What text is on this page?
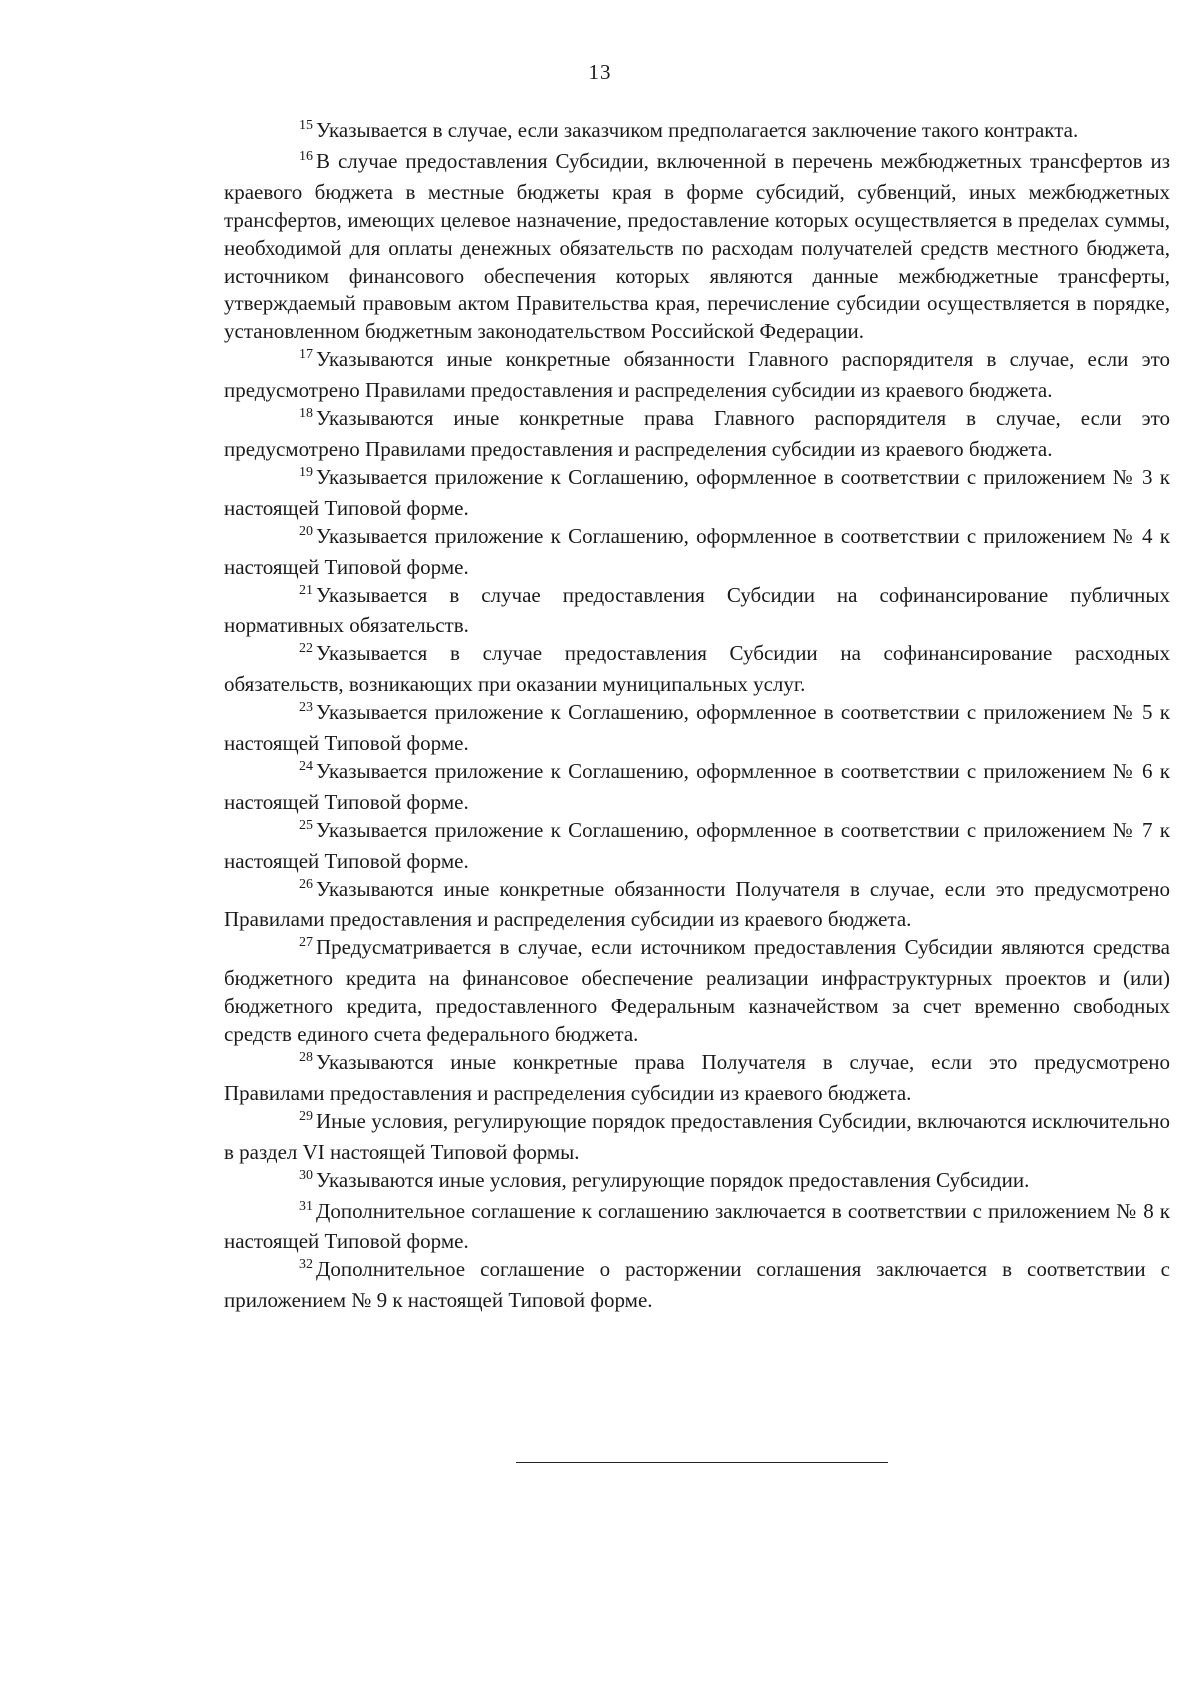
13

$^{15}$ Указывается в случае, если заказчиком предполагается заключение такого контракта.

$^{16}$ В случае предоставления Субсидии, включенной в перечень межбюджетных трансфертов из краевого бюджета в местные бюджеты края в форме субсидий, субвенций, иных межбюджетных трансфертов, имеющих целевое назначение, предоставление которых осуществляется в пределах суммы, необходимой для оплаты денежных обязательств по расходам получателей средств местного бюджета, источником финансового обеспечения которых являются данные межбюджетные трансферты, утверждаемый правовым актом Правительства края, перечисление субсидии осуществляется в порядке, установленном бюджетным законодательством Российской Федерации.

$^{17}$ Указываются иные конкретные обязанности Главного распорядителя в случае, если это предусмотрено Правилами предоставления и распределения субсидии из краевого бюджета.

$^{18}$ Указываются иные конкретные права Главного распорядителя в случае, если это предусмотрено Правилами предоставления и распределения субсидии из краевого бюджета.

$^{19}$ Указывается приложение к Соглашению, оформленное в соответствии с приложением № 3 к настоящей Типовой форме.

$^{20}$ Указывается приложение к Соглашению, оформленное в соответствии с приложением № 4 к настоящей Типовой форме.

$^{21}$ Указывается в случае предоставления Субсидии на софинансирование публичных нормативных обязательств.

$^{22}$ Указывается в случае предоставления Субсидии на софинансирование расходных обязательств, возникающих при оказании муниципальных услуг.

$^{23}$ Указывается приложение к Соглашению, оформленное в соответствии с приложением № 5 к настоящей Типовой форме.

$^{24}$ Указывается приложение к Соглашению, оформленное в соответствии с приложением № 6 к настоящей Типовой форме.

$^{25}$ Указывается приложение к Соглашению, оформленное в соответствии с приложением № 7 к настоящей Типовой форме.

$^{26}$ Указываются иные конкретные обязанности Получателя в случае, если это предусмотрено Правилами предоставления и распределения субсидии из краевого бюджета.

$^{27}$ Предусматривается в случае, если источником предоставления Субсидии являются средства бюджетного кредита на финансовое обеспечение реализации инфраструктурных проектов и (или) бюджетного кредита, предоставленного Федеральным казначейством за счет временно свободных средств единого счета федерального бюджета.

$^{28}$ Указываются иные конкретные права Получателя в случае, если это предусмотрено Правилами предоставления и распределения субсидии из краевого бюджета.

$^{29}$ Иные условия, регулирующие порядок предоставления Субсидии, включаются исключительно в раздел VI настоящей Типовой формы.

$^{30}$ Указываются иные условия, регулирующие порядок предоставления Субсидии.

$^{31}$ Дополнительное соглашение к соглашению заключается в соответствии с приложением № 8 к настоящей Типовой форме.

$^{32}$ Дополнительное соглашение о расторжении соглашения заключается в соответствии с приложением № 9 к настоящей Типовой форме.
